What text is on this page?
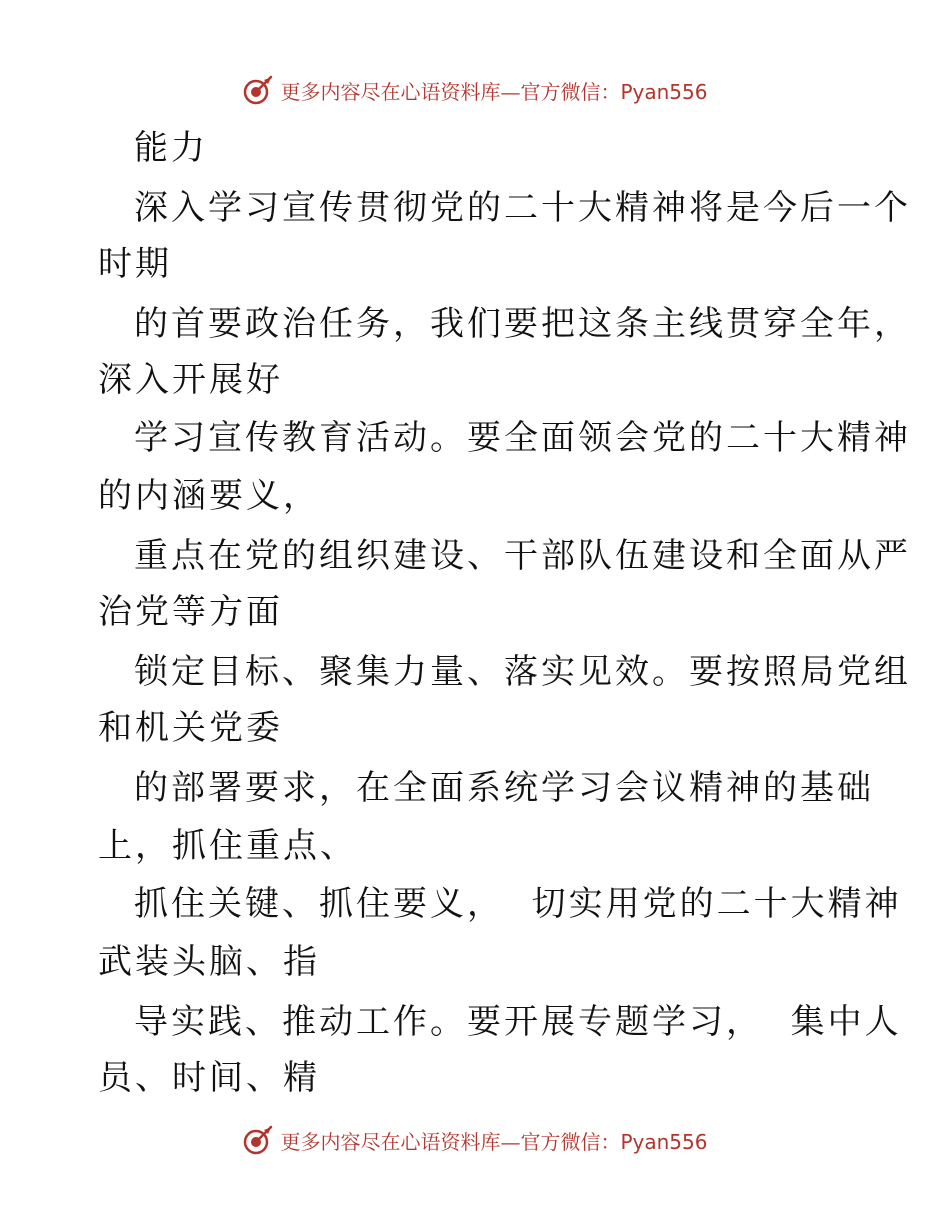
更多内容尽在心语资料库— 官方微信：Pyan556
能力
深入学习宣传贯彻党的二十大精神将是今后一个
时期
的首要政治任务，我们要把这条主线贯穿全年，
深入开展好
学习宣传教育活动。要全面领会党的二十大精神
的内涵要义，
重点在党的组织建设、干部队伍建设和全面从严
治党等方面
锁定目标、聚集力量、落实见效。要按照局党组
和机关党委
的部署要求，在全面系统学习会议精神的基础
上，抓住重点、
抓住关键、抓住要义，  切实用党的二十大精神
武装头脑、指
导实践、推动工作。要开展专题学习，  集中人
员、时间、精
更多内容尽在心语资料库— 官方微信：Pyan556
